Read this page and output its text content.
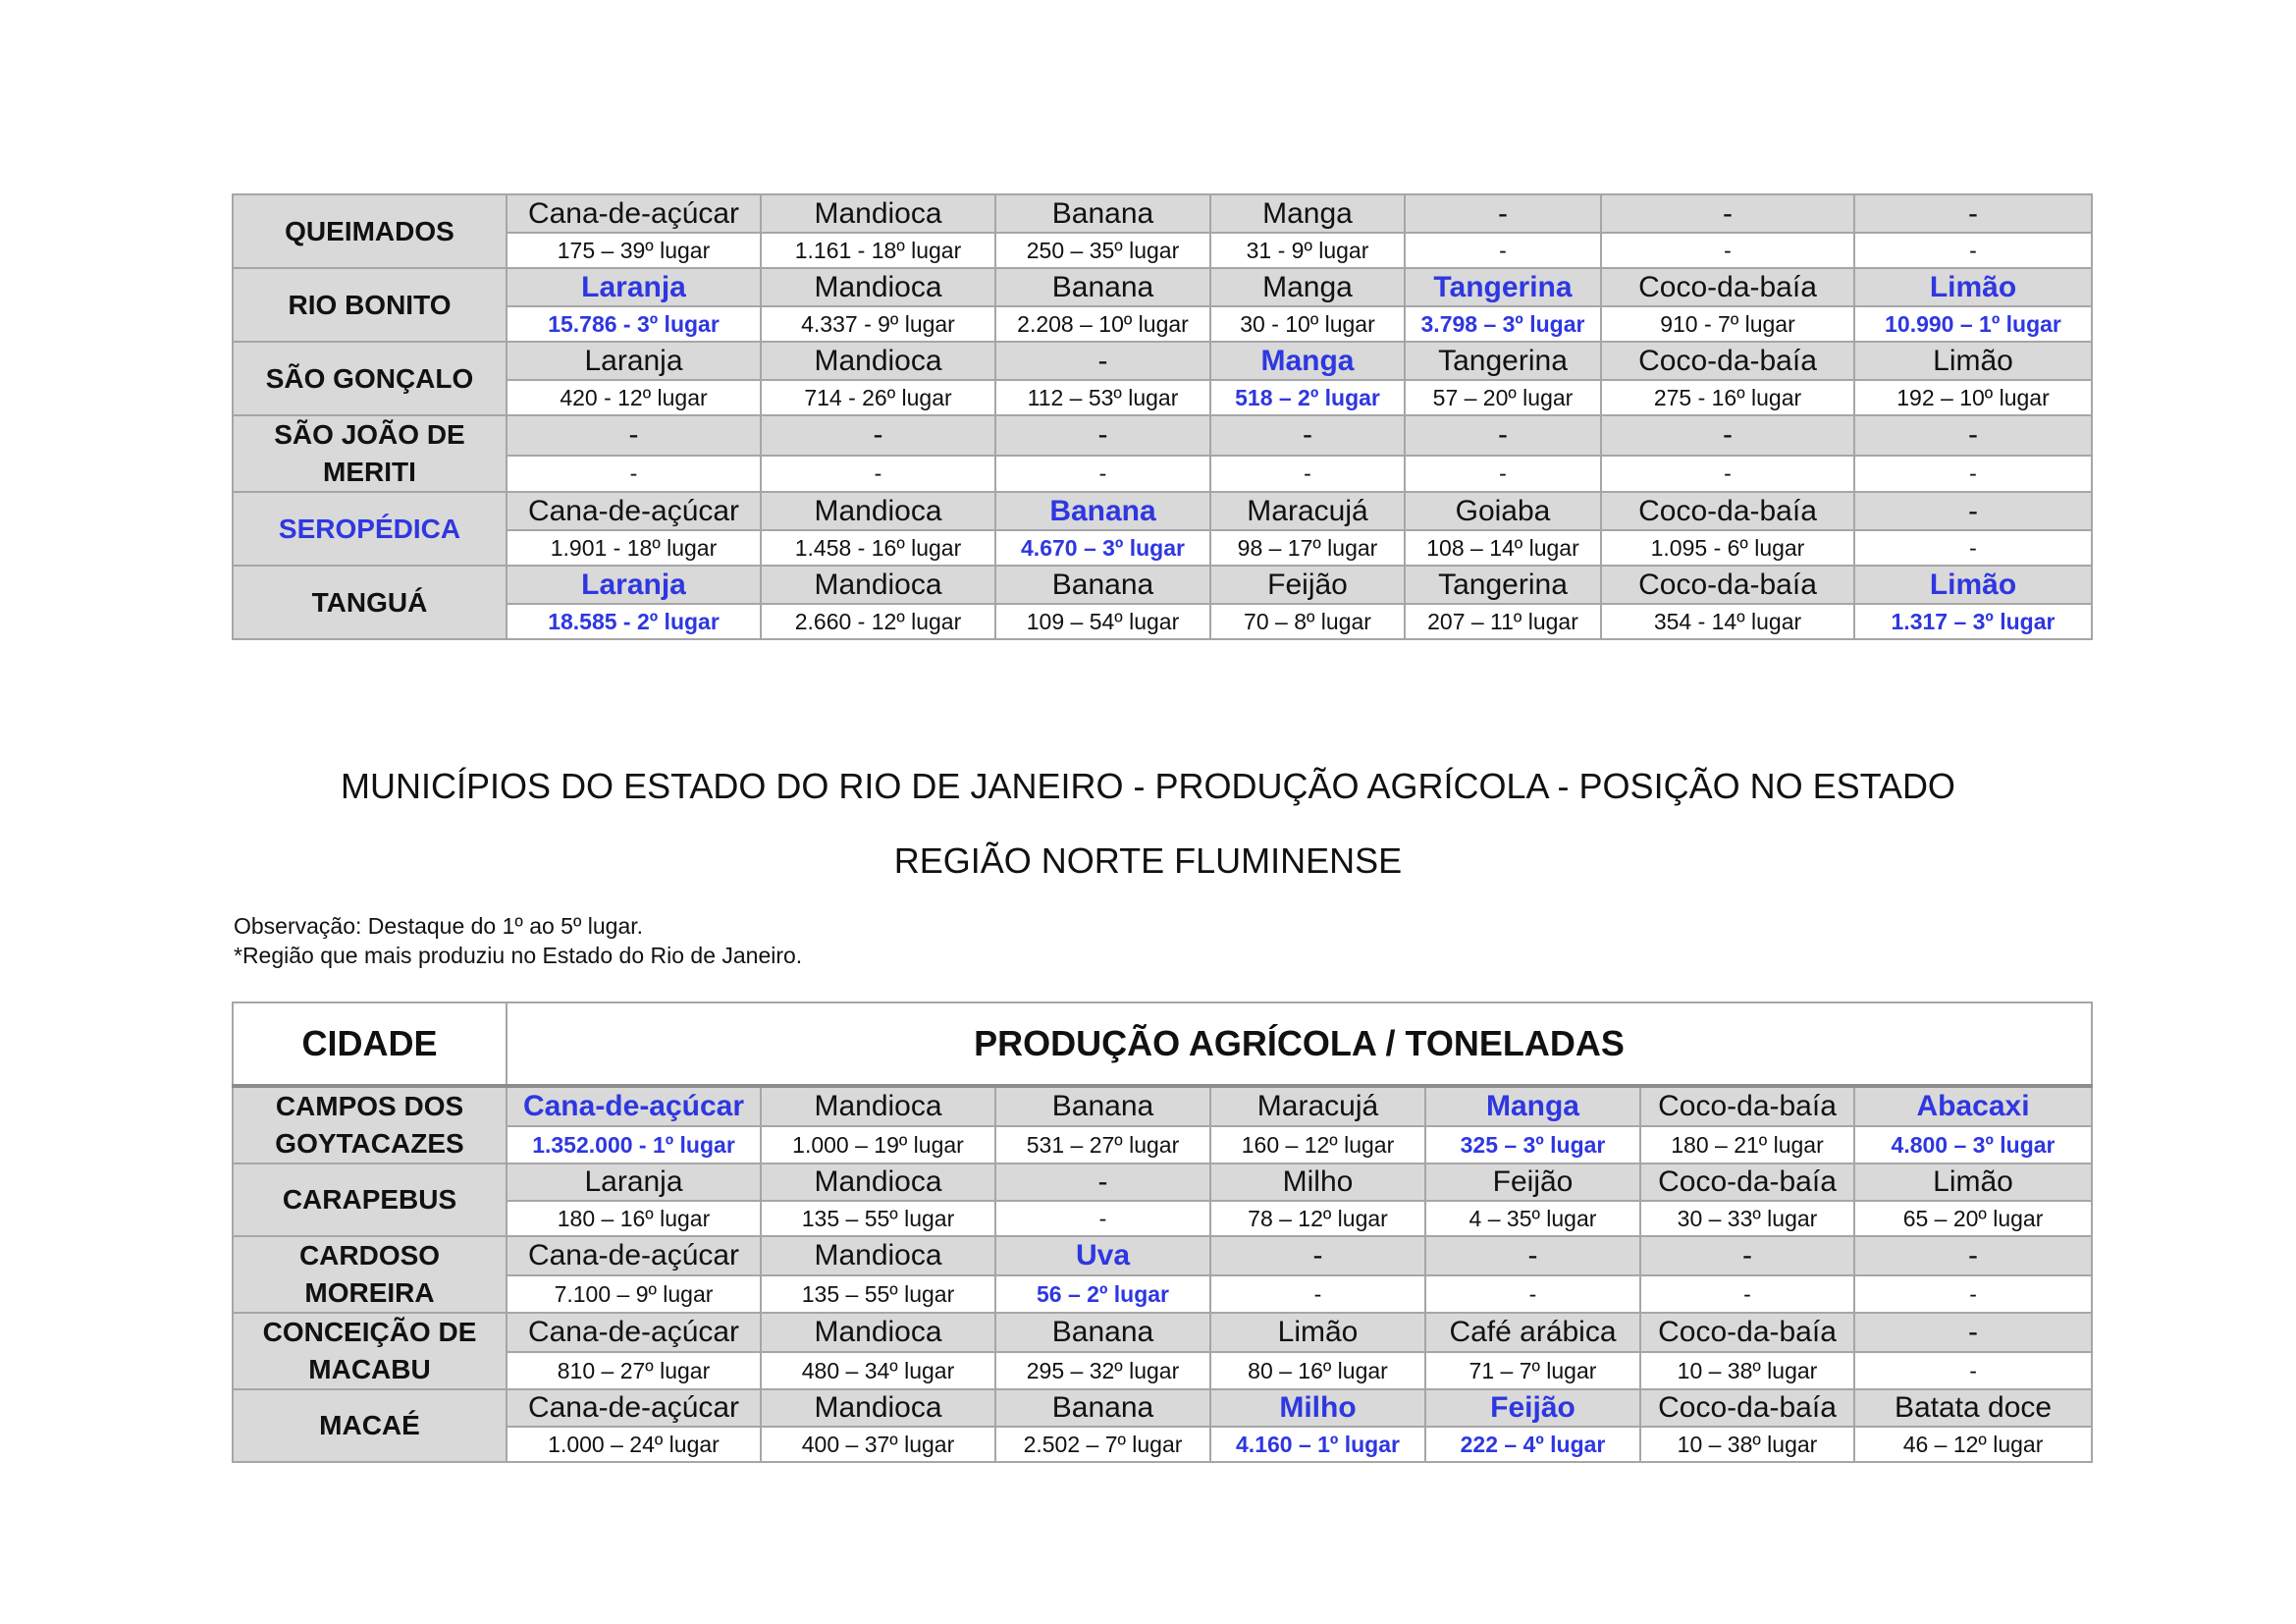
QUEIMADOS	Cana-de-açúcar	Mandioca	Banana	Manga	-	-	-
	175 – 39º lugar	1.161 - 18º lugar	250 – 35º lugar	31 - 9º lugar	-	-	-
RIO BONITO	Laranja	Mandioca	Banana	Manga	Tangerina	Coco-da-baía	Limão
	15.786 - 3º lugar	4.337 - 9º lugar	2.208 – 10º lugar	30 - 10º lugar	3.798 – 3º lugar	910 - 7º lugar	10.990 – 1º lugar
SÃO GONÇALO	Laranja	Mandioca	-	Manga	Tangerina	Coco-da-baía	Limão
	420 - 12º lugar	714 - 26º lugar	112 – 53º lugar	518 – 2º lugar	57 – 20º lugar	275 - 16º lugar	192 – 10º lugar
SÃO JOÃO DE MERITI	-	-	-	-	-	-	-
	-	-	-	-	-	-	-
SEROPÉDICA	Cana-de-açúcar	Mandioca	Banana	Maracujá	Goiaba	Coco-da-baía	-
	1.901 - 18º lugar	1.458 - 16º lugar	4.670 – 3º lugar	98 – 17º lugar	108 – 14º lugar	1.095 - 6º lugar	-
TANGUÁ	Laranja	Mandioca	Banana	Feijão	Tangerina	Coco-da-baía	Limão
	18.585 - 2º lugar	2.660 - 12º lugar	109 – 54º lugar	70 – 8º lugar	207 – 11º lugar	354 - 14º lugar	1.317 – 3º lugar
MUNICÍPIOS DO ESTADO DO RIO DE JANEIRO - PRODUÇÃO AGRÍCOLA - POSIÇÃO NO ESTADO
REGIÃO NORTE FLUMINENSE
Observação: Destaque do 1º ao 5º lugar.
*Região que mais produziu no Estado do Rio de Janeiro.
CIDADE	PRODUÇÃO AGRÍCOLA / TONELADAS						
CAMPOS DOS GOYTACAZES	Cana-de-açúcar	Mandioca	Banana	Maracujá	Manga	Coco-da-baía	Abacaxi
	1.352.000 - 1º lugar	1.000 – 19º lugar	531 – 27º lugar	160 – 12º lugar	325 – 3º lugar	180 – 21º lugar	4.800 – 3º lugar
CARAPEBUS	Laranja	Mandioca	-	Milho	Feijão	Coco-da-baía	Limão
	180 – 16º lugar	135 – 55º lugar	-	78 – 12º lugar	4 – 35º lugar	30 – 33º lugar	65 – 20º lugar
CARDOSO MOREIRA	Cana-de-açúcar	Mandioca	Uva	-	-	-	-
	7.100 – 9º lugar	135 – 55º lugar	56 – 2º lugar	-	-	-	-
CONCEIÇÃO DE MACABU	Cana-de-açúcar	Mandioca	Banana	Limão	Café arábica	Coco-da-baía	-
	810 – 27º lugar	480 – 34º lugar	295 – 32º lugar	80 – 16º lugar	71 – 7º lugar	10 – 38º lugar	-
MACAÉ	Cana-de-açúcar	Mandioca	Banana	Milho	Feijão	Coco-da-baía	Batata doce
	1.000 – 24º lugar	400 – 37º lugar	2.502 – 7º lugar	4.160 – 1º lugar	222 – 4º lugar	10 – 38º lugar	46 – 12º lugar
